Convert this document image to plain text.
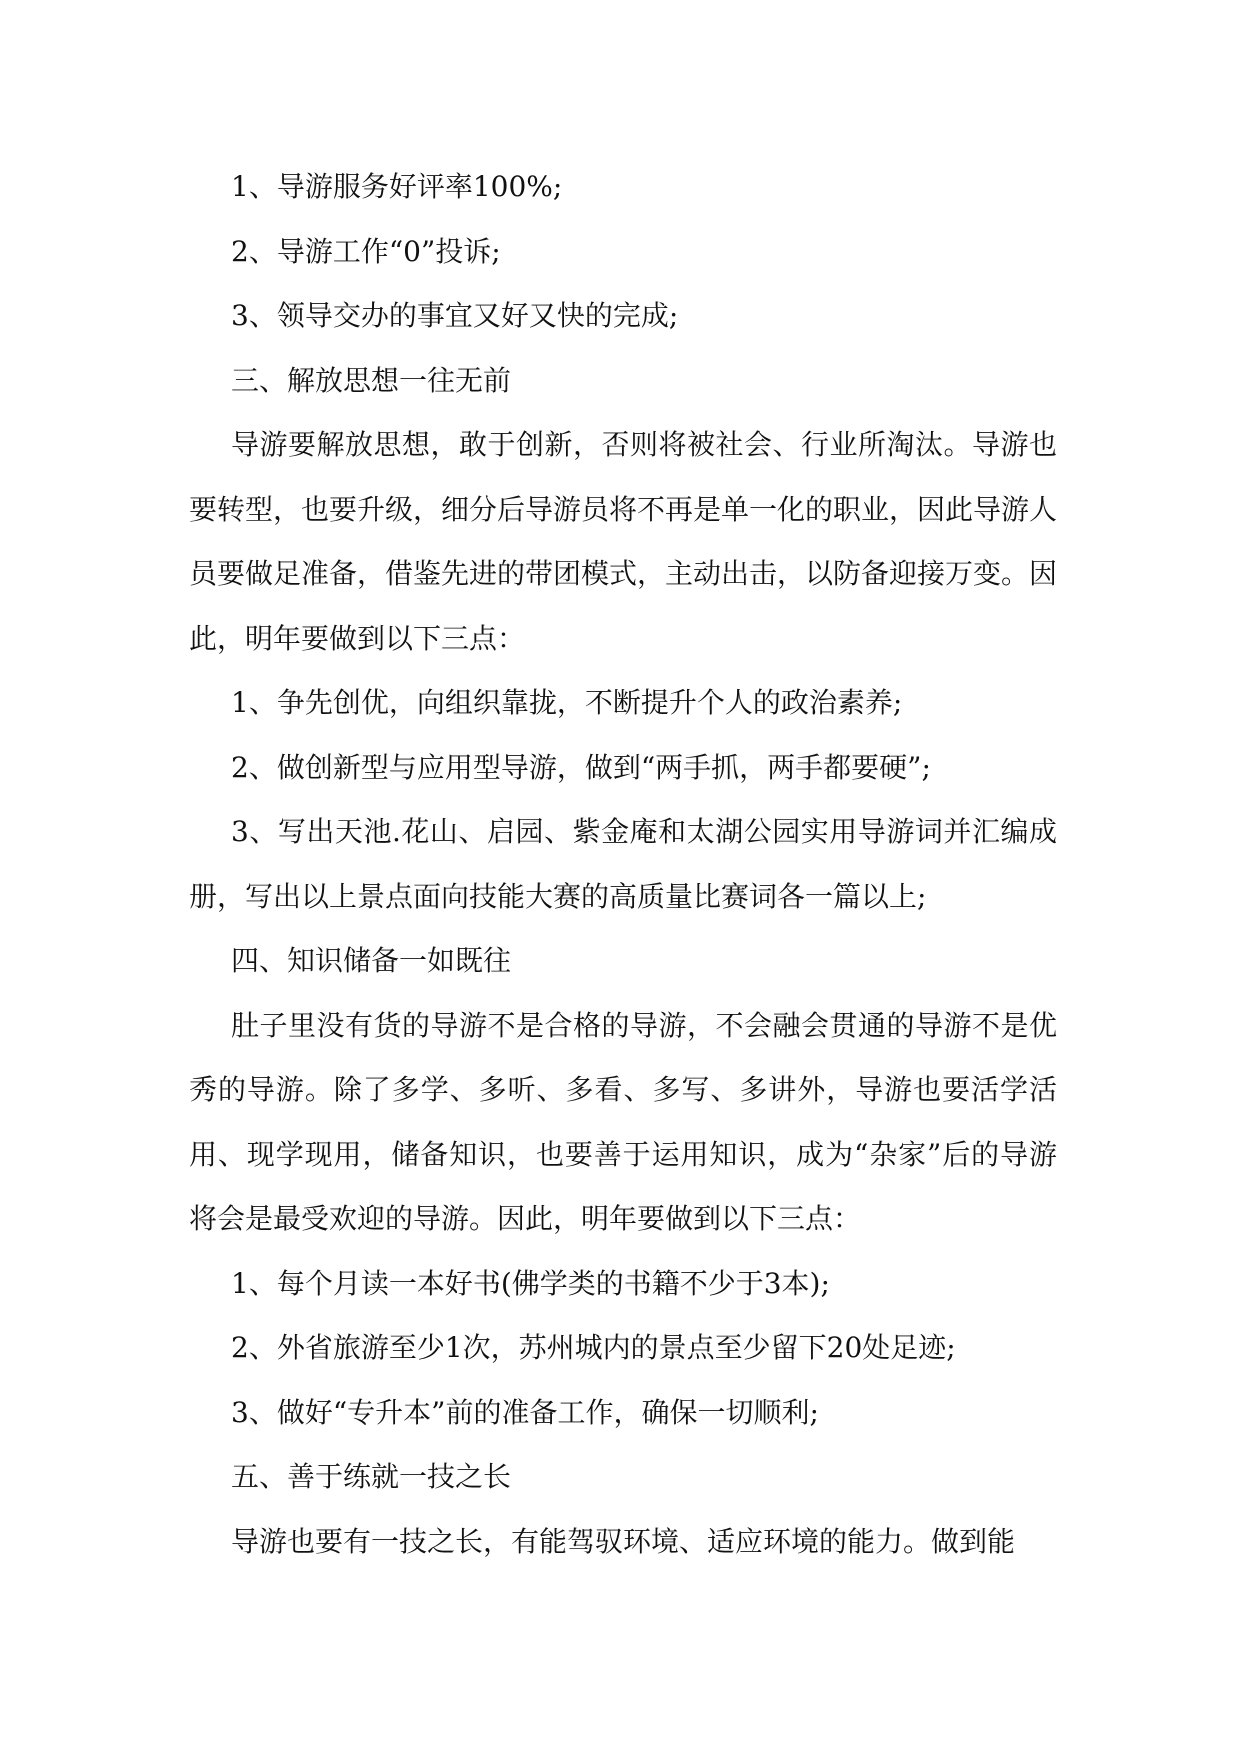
1、导游服务好评率100%;

2、导游工作“0”投诉;

3、领导交办的事宜又好又快的完成;

三、解放思想一往无前

导游要解放思想，敢于创新，否则将被社会、行业所淘汰。导游也要转型，也要升级，细分后导游员将不再是单一化的职业，因此导游人员要做足准备，借鉴先进的带团模式，主动出击，以防备迎接万变。因此，明年要做到以下三点：

1、争先创优，向组织靠拢，不断提升个人的政治素养;

2、做创新型与应用型导游，做到“两手抓，两手都要硬”;

3、写出天池.花山、启园、紫金庵和太湖公园实用导游词并汇编成册，写出以上景点面向技能大赛的高质量比赛词各一篇以上;

四、知识储备一如既往

肚子里没有货的导游不是合格的导游，不会融会贯通的导游不是优秀的导游。除了多学、多听、多看、多写、多讲外，导游也要活学活用、现学现用，储备知识，也要善于运用知识，成为“杂家”后的导游将会是最受欢迎的导游。因此，明年要做到以下三点：

1、每个月读一本好书(佛学类的书籍不少于3本);

2、外省旅游至少1次，苏州城内的景点至少留下20处足迹;

3、做好“专升本”前的准备工作，确保一切顺利;

五、善于练就一技之长

导游也要有一技之长，有能驾驭环境、适应环境的能力。做到能
